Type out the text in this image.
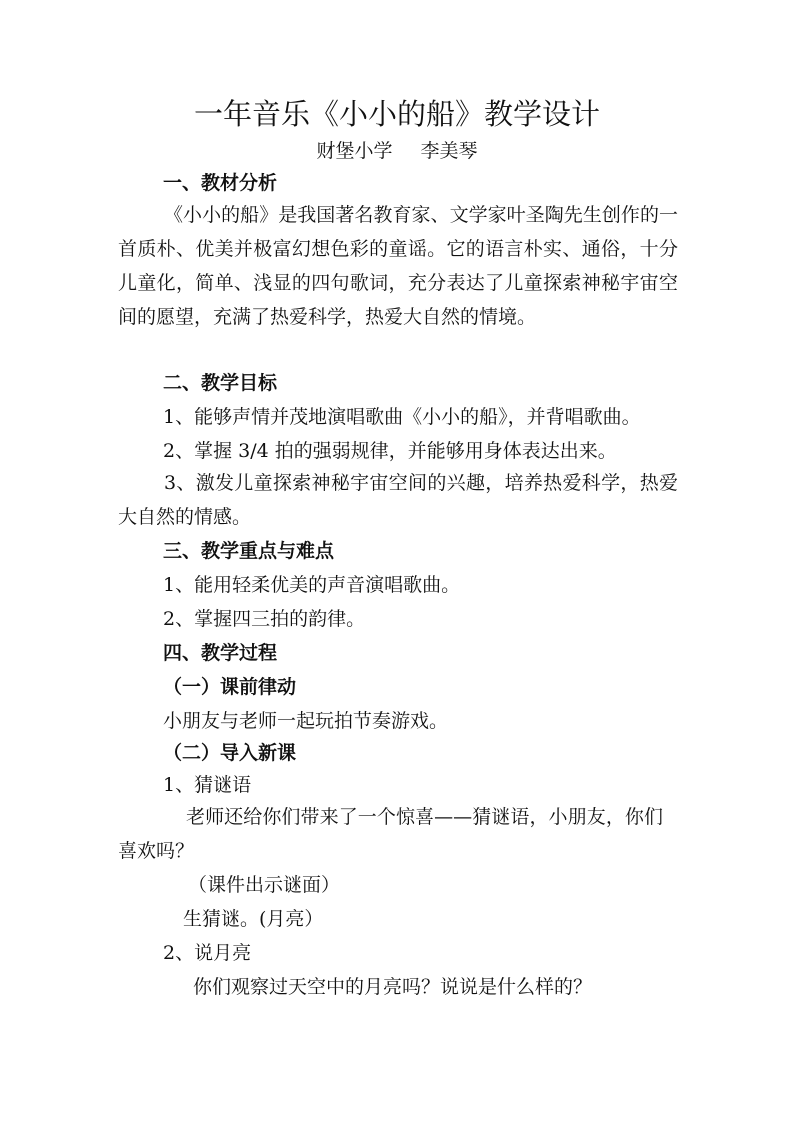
一年音乐《小小的船》教学设计
财堡小学 李美琴
一、教材分析
《小小的船》是我国著名教育家、文学家叶圣陶先生创作的一首质朴、优美并极富幻想色彩的童谣。它的语言朴实、通俗，十分儿童化，简单、浅显的四句歌词，充分表达了儿童探索神秘宇宙空间的愿望，充满了热爱科学，热爱大自然的情境。
二、教学目标
1、能够声情并茂地演唱歌曲《小小的船》，并背唱歌曲。
2、掌握 3/4 拍的强弱规律，并能够用身体表达出来。
3、激发儿童探索神秘宇宙空间的兴趣，培养热爱科学，热爱大自然的情感。
三、教学重点与难点
1、能用轻柔优美的声音演唱歌曲。
2、掌握四三拍的韵律。
四、教学过程
（一）课前律动
小朋友与老师一起玩拍节奏游戏。
（二）导入新课
1、猜谜语
老师还给你们带来了一个惊喜——猜谜语，小朋友，你们喜欢吗？
（课件出示谜面）
生猜谜。(月亮）
2、说月亮
你们观察过天空中的月亮吗？说说是什么样的？
